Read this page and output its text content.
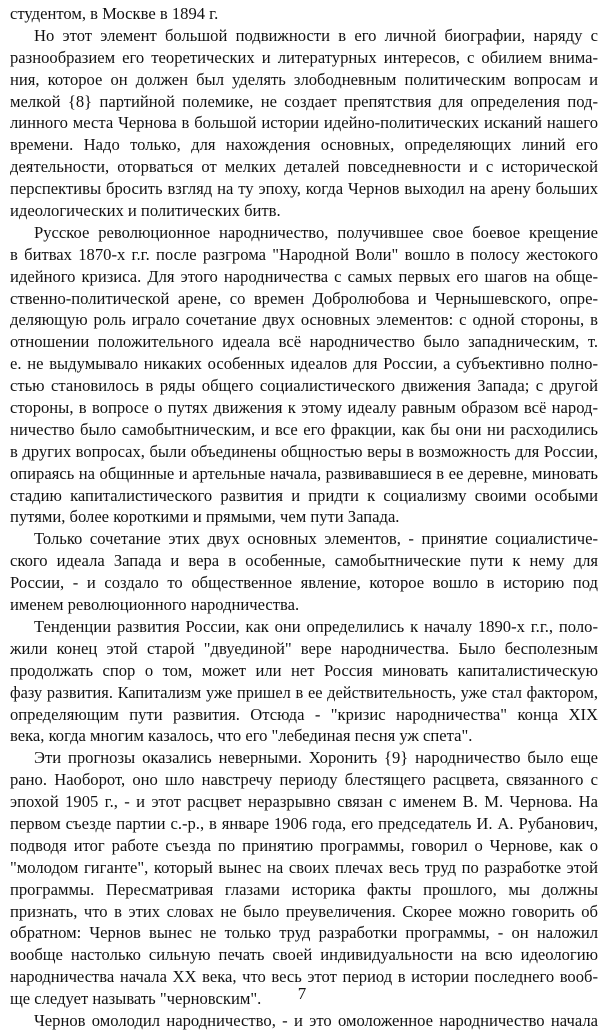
студентом, в Москве в 1894 г.
Но этот элемент большой подвижности в его личной биографии, наряду с
разнообразием его теоретических и литературных интересов, с обилием внима-
ния, которое он должен был уделять злободневным политическим вопросам и
мелкой {8} партийной полемике, не создает препятствия для определения под-
линного места Чернова в большой истории идейно-политических исканий нашего
времени. Надо только, для нахождения основных, определяющих линий его
деятельности, оторваться от мелких деталей повседневности и с исторической
перспективы бросить взгляд на ту эпоху, когда Чернов выходил на арену больших
идеологических и политических битв.
Русское революционное народничество, получившее свое боевое крещение
в битвах 1870-х г.г. после разгрома "Народной Воли" вошло в полосу жестокого
идейного кризиса. Для этого народничества с самых первых его шагов на обще-
ственно-политической арене, со времен Добролюбова и Чернышевского, опре-
деляющую роль играло сочетание двух основных элементов: с одной стороны, в
отношении положительного идеала всё народничество было западническим, т.
е. не выдумывало никаких особенных идеалов для России, а субъективно полно-
стью становилось в ряды общего социалистического движения Запада; с другой
стороны, в вопросе о путях движения к этому идеалу равным образом всё народ-
ничество было самобытническим, и все его фракции, как бы они ни расходились
в других вопросах, были объединены общностью веры в возможность для России,
опираясь на общинные и артельные начала, развивавшиеся в ее деревне, миновать
стадию капиталистического развития и придти к социализму своими особыми
путями, более короткими и прямыми, чем пути Запада.
Только сочетание этих двух основных элементов, - принятие социалистиче-
ского идеала Запада и вера в особенные, самобытнические пути к нему для
России, - и создало то общественное явление, которое вошло в историю под
именем революционного народничества.
Тенденции развития России, как они определились к началу 1890-х г.г., поло-
жили конец этой старой "двуединой" вере народничества. Было бесполезным
продолжать спор о том, может или нет Россия миновать капиталистическую
фазу развития. Капитализм уже пришел в ее действительность, уже стал фактором,
определяющим пути развития. Отсюда - "кризис народничества" конца XIX
века, когда многим казалось, что его "лебединая песня уж спета".
Эти прогнозы оказались неверными. Хоронить {9} народничество было еще
рано. Наоборот, оно шло навстречу периоду блестящего расцвета, связанного с
эпохой 1905 г., - и этот расцвет неразрывно связан с именем В. М. Чернова. На
первом съезде партии с.-р., в январе 1906 года, его председатель И. А. Рубанович,
подводя итог работе съезда по принятию программы, говорил о Чернове, как о
"молодом гиганте", который вынес на своих плечах весь труд по разработке этой
программы. Пересматривая глазами историка факты прошлого, мы должны
признать, что в этих словах не было преувеличения. Скорее можно говорить об
обратном: Чернов вынес не только труд разработки программы, - он наложил
вообще настолько сильную печать своей индивидуальности на всю идеологию
народничества начала XX века, что весь этот период в истории последнего вооб-
ще следует называть "черновским".
Чернов омолодил народничество, - и это омоложенное народничество начала
7
